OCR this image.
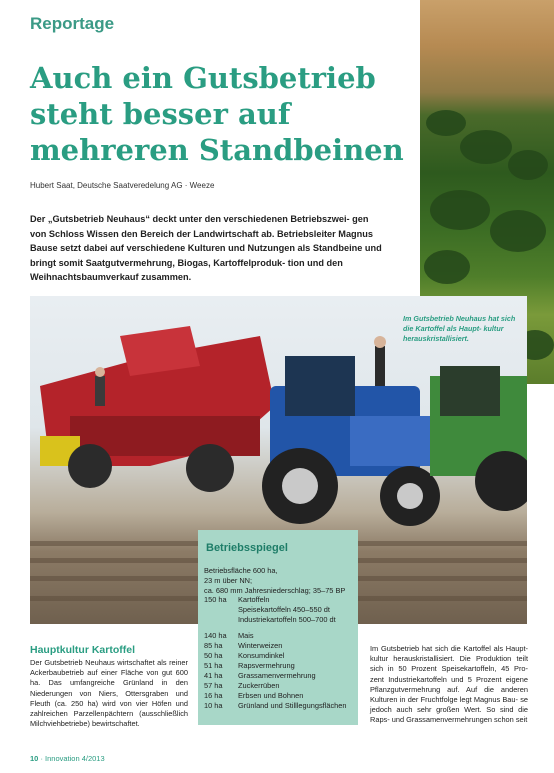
Reportage
Auch ein Gutsbetrieb
steht besser auf
mehreren Standbeinen
Hubert Saat, Deutsche Saatveredelung AG · Weeze
Der „Gutsbetrieb Neuhaus“ deckt unter den verschiedenen Betriebszwei- gen von Schloss Wissen den Bereich der Landwirtschaft ab. Betriebsleiter Magnus Bause setzt dabei auf verschiedene Kulturen und Nutzungen als Standbeine und bringt somit Saatgutvermehrung, Biogas, Kartoffelproduk- tion und den Weihnachtsbaumverkauf zusammen.
Im Gutsbetrieb Neuhaus hat sich die Kartoffel als Haupt- kultur herauskristallisiert.
Betriebsspiegel
Betriebsfläche 600 ha,
23 m über NN;
ca. 680 mm Jahresniederschlag; 35–75 BP
150 ha	Kartoffeln
Speisekartoffeln 450–550 dt
Industriekartoffeln 500–700 dt
140 ha	Mais
85 ha	Winterweizen
50 ha	Konsumdinkel
51 ha	Rapsvermehrung
41 ha	Grassamenvermehrung
57 ha	Zuckerrüben
16 ha	Erbsen und Bohnen
10 ha	Grünland und Stilllegungsflächen
Hauptkultur Kartoffel
Der Gutsbetrieb Neuhaus wirtschaftet als reiner Ackerbaubetrieb auf einer Fläche von gut 600 ha. Das umfangreiche Grünland in den Niederungen von Niers, Ottersgraben und Fleuth (ca. 250 ha) wird von vier Höfen und zahlreichen Parzellenpächtern (ausschließlich Milchviehbetriebe) bewirtschaftet.
Im Gutsbetrieb hat sich die Kartoffel als Haupt- kultur herauskristallisiert. Die Produktion teilt sich in 50 Prozent Speisekartoffeln, 45 Pro- zent Industriekartoffeln und 5 Prozent eigene Pflanzgutvermehrung auf. Auf die anderen Kulturen in der Fruchtfolge legt Magnus Bau- se jedoch auch sehr großen Wert. So sind die Raps- und Grassamenvermehrungen schon seit
10 · Innovation 4/2013
